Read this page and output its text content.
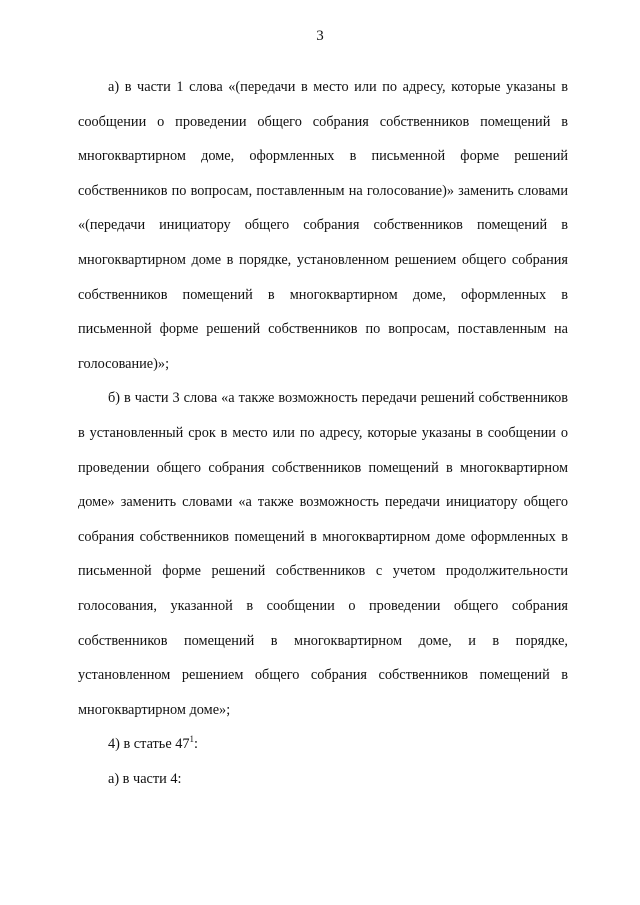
3

а) в части 1 слова «(передачи в место или по адресу, которые указаны в сообщении о проведении общего собрания собственников помещений в многоквартирном доме, оформленных в письменной форме решений собственников по вопросам, поставленным на голосование)» заменить словами «(передачи инициатору общего собрания собственников помещений в многоквартирном доме в порядке, установленном решением общего собрания собственников помещений в многоквартирном доме, оформленных в письменной форме решений собственников по вопросам, поставленным на голосование)»;

б) в части 3 слова «а также возможность передачи решений собственников в установленный срок в место или по адресу, которые указаны в сообщении о проведении общего собрания собственников помещений в многоквартирном доме» заменить словами «а также возможность передачи инициатору общего собрания собственников помещений в многоквартирном доме оформленных в письменной форме решений собственников с учетом продолжительности голосования, указанной в сообщении о проведении общего собрания собственников помещений в многоквартирном доме, и в порядке, установленном решением общего собрания собственников помещений в многоквартирном доме»;

4) в статье $47^1$:

а) в части 4:
